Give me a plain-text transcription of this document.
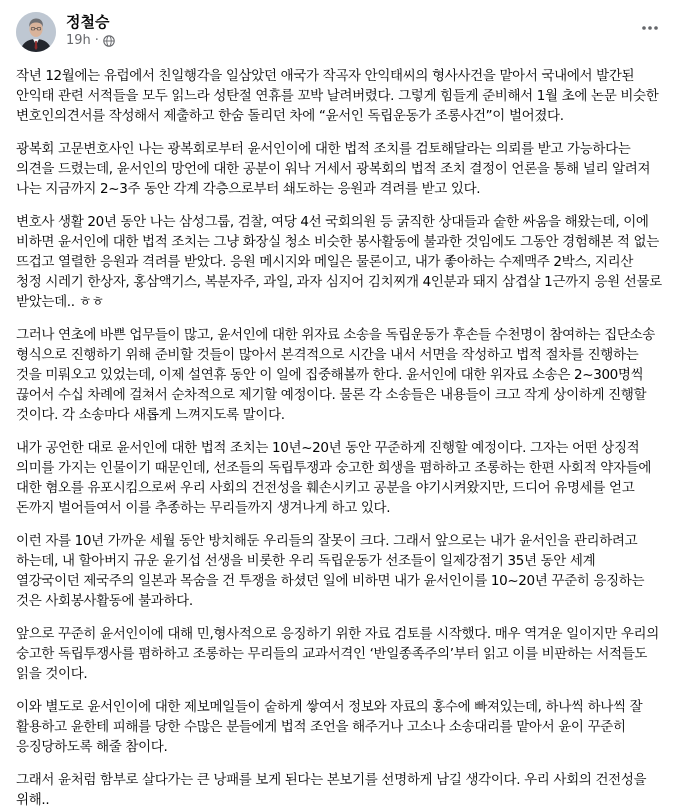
정철승
19h ·

작년 12월에는 유럽에서 친일행각을 일삼았던 애국가 작곡자 안익태씨의 형사사건을 맡아서 국내에서 발간된 안익태 관련 서적들을 모두 읽느라 성탄절 연휴를 꼬박 날려버렸다. 그렇게 힘들게 준비해서 1월 초에 논문 비슷한 변호인의견서를 작성해서 제출하고 한숨 돌리던 차에 “윤서인 독립운동가 조롱사건”이 벌어졌다.

광복회 고문변호사인 나는 광복회로부터 윤서인이에 대한 법적 조치를 검토해달라는 의뢰를 받고 가능하다는 의견을 드렸는데, 윤서인의 망언에 대한 공분이 워낙 거세서 광복회의 법적 조치 결정이 언론을 통해 널리 알려져 나는 지금까지 2~3주 동안 각계 각층으로부터 쇄도하는 응원과 격려를 받고 있다.

변호사 생활 20년 동안 나는 삼성그룹, 검찰, 여당 4선 국회의원 등 굵직한 상대들과 숱한 싸움을 해왔는데, 이에 비하면 윤서인에 대한 법적 조치는 그냥 화장실 청소 비슷한 봉사활동에 불과한 것임에도 그동안 경험해본 적 없는 뜨겁고 열렬한 응원과 격려를 받았다. 응원 메시지와 메일은 물론이고, 내가 좋아하는 수제맥주 2박스, 지리산 청정 시레기 한상자, 홍삼액기스, 복분자주, 과일, 과자 심지어 김치찌개 4인분과 돼지 삼겹살 1근까지 응원 선물로 받았는데.. ㅎㅎ

그러나 연초에 바쁜 업무들이 많고, 윤서인에 대한 위자료 소송을 독립운동가 후손들 수천명이 참여하는 집단소송 형식으로 진행하기 위해 준비할 것들이 많아서 본격적으로 시간을 내서 서면을 작성하고 법적 절차를 진행하는 것을 미뤄오고 있었는데, 이제 설연휴 동안 이 일에 집중해볼까 한다. 윤서인에 대한 위자료 소송은 2~300명씩 끊어서 수십 차례에 걸쳐서 순차적으로 제기할 예정이다. 물론 각 소송들은 내용들이 크고 작게 상이하게 진행할 것이다. 각 소송마다 새롭게 느껴지도록 말이다.

내가 공언한 대로 윤서인에 대한 법적 조치는 10년~20년 동안 꾸준하게 진행할 예정이다. 그자는 어떤 상징적 의미를 가지는 인물이기 때문인데, 선조들의 독립투쟁과 숭고한 희생을 폄하하고 조롱하는 한편 사회적 약자들에 대한 혐오를 유포시킴으로써 우리 사회의 건전성을 훼손시키고 공분을 야기시켜왔지만, 드디어 유명세를 얻고 돈까지 벌어들여서 이를 추종하는 무리들까지 생겨나게 하고 있다.

이런 자를 10년 가까운 세월 동안 방치해둔 우리들의 잘못이 크다. 그래서 앞으로는 내가 윤서인을 관리하려고 하는데, 내 할아버지 규운 윤기섭 선생을 비롯한 우리 독립운동가 선조들이 일제강점기 35년 동안 세계 열강국이던 제국주의 일본과 목숨을 건 투쟁을 하셨던 일에 비하면 내가 윤서인이를 10~20년 꾸준히 응징하는 것은 사회봉사활동에 불과하다.

앞으로 꾸준히 윤서인이에 대해 민,형사적으로 응징하기 위한 자료 검토를 시작했다. 매우 역겨운 일이지만 우리의 숭고한 독립투쟁사를 폄하하고 조롱하는 무리들의 교과서격인 ‘반일종족주의’부터 읽고 이를 비판하는 서적들도 읽을 것이다.

이와 별도로 윤서인이에 대한 제보메일들이 숱하게 쌓여서 정보와 자료의 홍수에 빠져있는데, 하나씩 하나씩 잘 활용하고 윤한테 피해를 당한 수많은 분들에게 법적 조언을 해주거나 고소나 소송대리를 맡아서 윤이 꾸준히 응징당하도록 해줄 참이다.

그래서 윤처럼 함부로 살다가는 큰 낭패를 보게 된다는 본보기를 선명하게 남길 생각이다. 우리 사회의 건전성을 위해..
